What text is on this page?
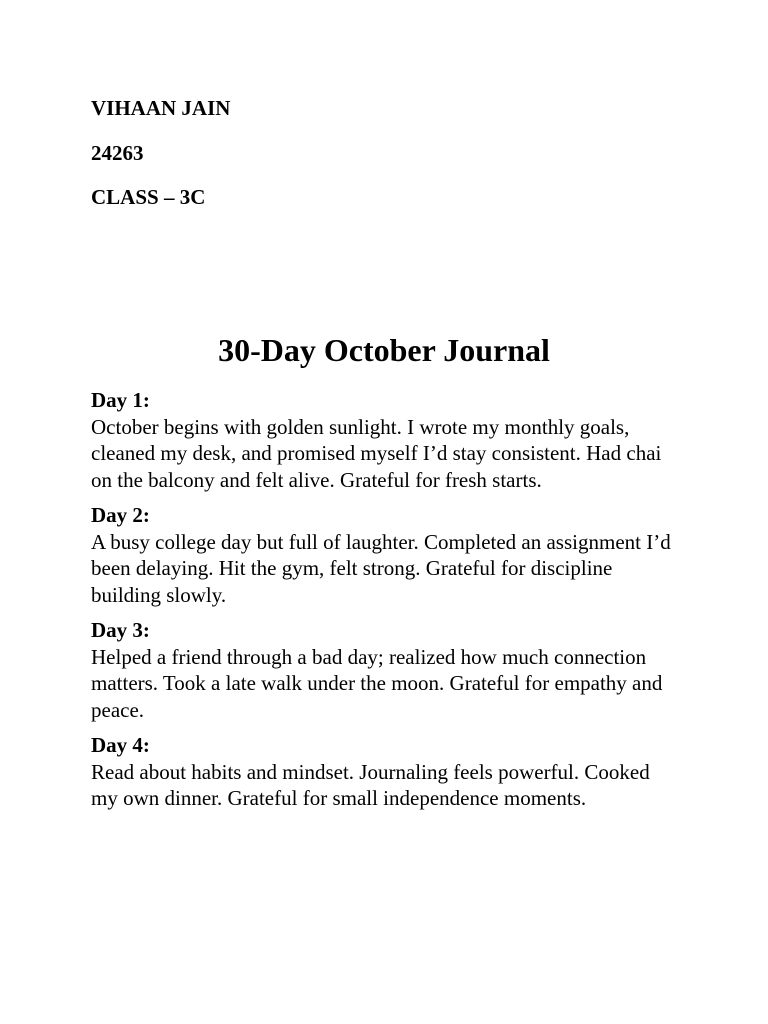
VIHAAN JAIN
24263
CLASS – 3C
30-Day October Journal
Day 1:
October begins with golden sunlight. I wrote my monthly goals, cleaned my desk, and promised myself I’d stay consistent. Had chai on the balcony and felt alive. Grateful for fresh starts.
Day 2:
A busy college day but full of laughter. Completed an assignment I’d been delaying. Hit the gym, felt strong. Grateful for discipline building slowly.
Day 3:
Helped a friend through a bad day; realized how much connection matters. Took a late walk under the moon. Grateful for empathy and peace.
Day 4:
Read about habits and mindset. Journaling feels powerful. Cooked my own dinner. Grateful for small independence moments.
